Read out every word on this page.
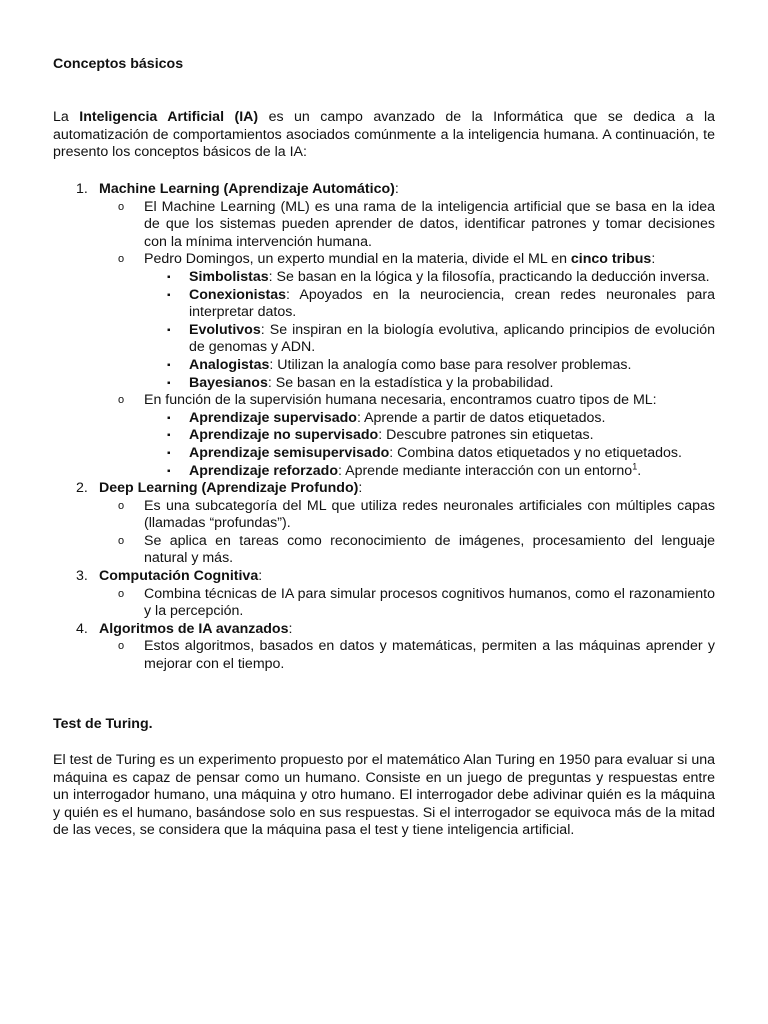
Conceptos básicos

La Inteligencia Artificial (IA) es un campo avanzado de la Informática que se dedica a la automatización de comportamientos asociados comúnmente a la inteligencia humana. A continuación, te presento los conceptos básicos de la IA:

1. Machine Learning (Aprendizaje Automático):

o El Machine Learning (ML) es una rama de la inteligencia artificial que se basa en la idea de que los sistemas pueden aprender de datos, identificar patrones y tomar decisiones con la mínima intervención humana.

o Pedro Domingos, un experto mundial en la materia, divide el ML en cinco tribus:

▪ Simbolistas: Se basan en la lógica y la filosofía, practicando la deducción inversa.

▪ Conexionistas: Apoyados en la neurociencia, crean redes neuronales para interpretar datos.

▪ Evolutivos: Se inspiran en la biología evolutiva, aplicando principios de evolución de genomas y ADN.

▪ Analogistas: Utilizan la analogía como base para resolver problemas.

▪ Bayesianos: Se basan en la estadística y la probabilidad.

o En función de la supervisión humana necesaria, encontramos cuatro tipos de ML:

▪ Aprendizaje supervisado: Aprende a partir de datos etiquetados.

▪ Aprendizaje no supervisado: Descubre patrones sin etiquetas.

▪ Aprendizaje semisupervisado: Combina datos etiquetados y no etiquetados.

▪ Aprendizaje reforzado: Aprende mediante interacción con un entorno$^1$.

2. Deep Learning (Aprendizaje Profundo):

o Es una subcategoría del ML que utiliza redes neuronales artificiales con múltiples capas (llamadas “profundas”).

o Se aplica en tareas como reconocimiento de imágenes, procesamiento del lenguaje natural y más.

3. Computación Cognitiva:

o Combina técnicas de IA para simular procesos cognitivos humanos, como el razonamiento y la percepción.

4. Algoritmos de IA avanzados:

o Estos algoritmos, basados en datos y matemáticas, permiten a las máquinas aprender y mejorar con el tiempo.

Test de Turing.

El test de Turing es un experimento propuesto por el matemático Alan Turing en 1950 para evaluar si una máquina es capaz de pensar como un humano. Consiste en un juego de preguntas y respuestas entre un interrogador humano, una máquina y otro humano. El interrogador debe adivinar quién es la máquina y quién es el humano, basándose solo en sus respuestas. Si el interrogador se equivoca más de la mitad de las veces, se considera que la máquina pasa el test y tiene inteligencia artificial.
